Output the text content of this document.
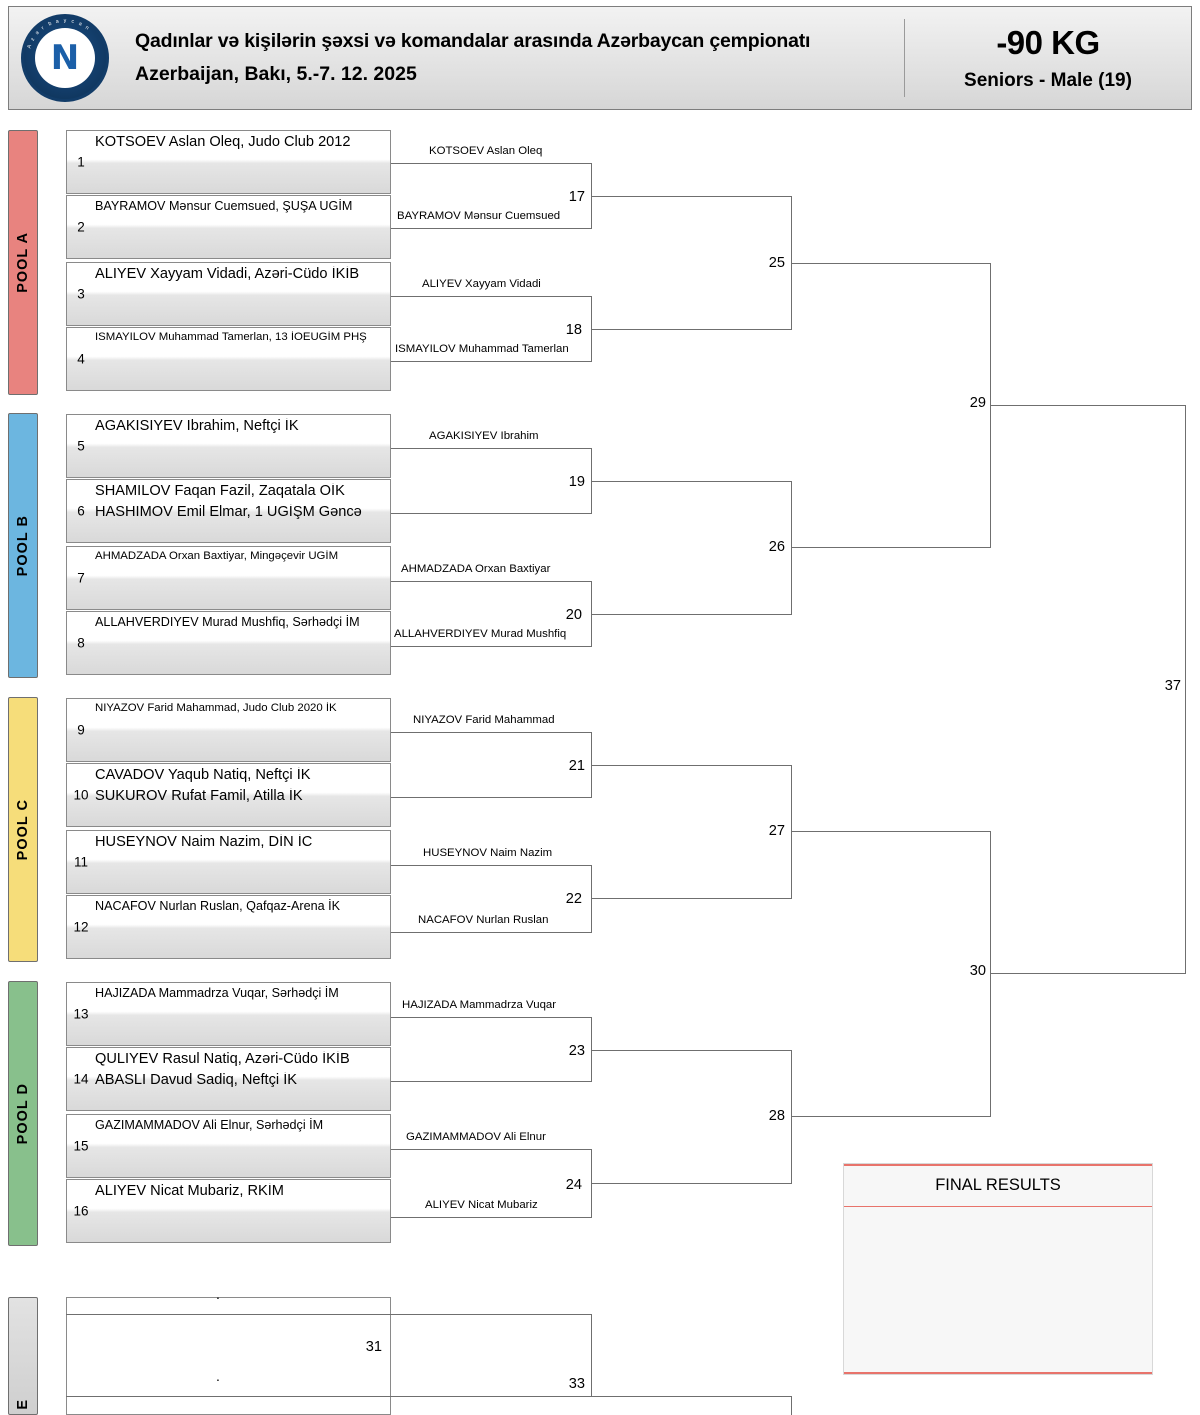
A
z
ə
r
b a y c a
n
N	Qadınlar və kişilərin şəxsi və komandalar arasında Azərbaycan çempionatı
Azerbaijan, Bakı, 5.-7. 12. 2025
-90 KG
Seniors - Male (19)
POOL A
POOL B
POOL C
POOL D
E
1
KOTSOEV Aslan Oleq, Judo Club 2012
2
BAYRAMOV Mənsur Cuemsued, ŞUŞA UGİM
3
ALIYEV Xayyam Vidadi, Azəri-Cüdo İKİB
4
ISMAYILOV Muhammad Tamerlan, 13 İOEUGİM PHŞ
5
AGAKISIYEV Ibrahim, Neftçi İK
6
SHAMILOV Faqan Fazil, Zaqatala OİK
HASHIMOV Emil Elmar, 1 UGİŞM Gəncə
7
AHMADZADA Orxan Baxtiyar, Mingəçevir UGİM
8
ALLAHVERDIYEV Murad Mushfiq, Sərhədçi İM
9
NIYAZOV Farid Mahammad, Judo Club 2020 İK
10
CAVADOV Yaqub Natiq, Neftçi İK
SUKUROV Rufat Famil, Atilla İK
11
HUSEYNOV Naim Nazim, DİN İC
12
NACAFOV Nurlan Ruslan, Qafqaz-Arena İK
13
HAJIZADA Mammadrza Vuqar, Sərhədçi İM
14
QULIYEV Rasul Natiq, Azəri-Cüdo İKİB
ABASLI Davud Sadiq, Neftçi İK
15
GAZIMAMMADOV Ali Elnur, Sərhədçi İM
16
ALIYEV Nicat Mubariz, RKİM
KOTSOEV Aslan Oleq
BAYRAMOV Mənsur Cuemsued
17
ALIYEV Xayyam Vidadi
ISMAYILOV Muhammad Tamerlan
18
AGAKISIYEV Ibrahim
19
AHMADZADA Orxan Baxtiyar
ALLAHVERDIYEV Murad Mushfiq
20
NIYAZOV Farid Mahammad
21
HUSEYNOV Naim Nazim
NACAFOV Nurlan Ruslan
22
HAJIZADA Mammadrza Vuqar
23
GAZIMAMMADOV Ali Elnur
ALIYEV Nicat Mubariz
24
25
26
27
28
29
30
37
FINAL RESULTS
.
.
31
33
